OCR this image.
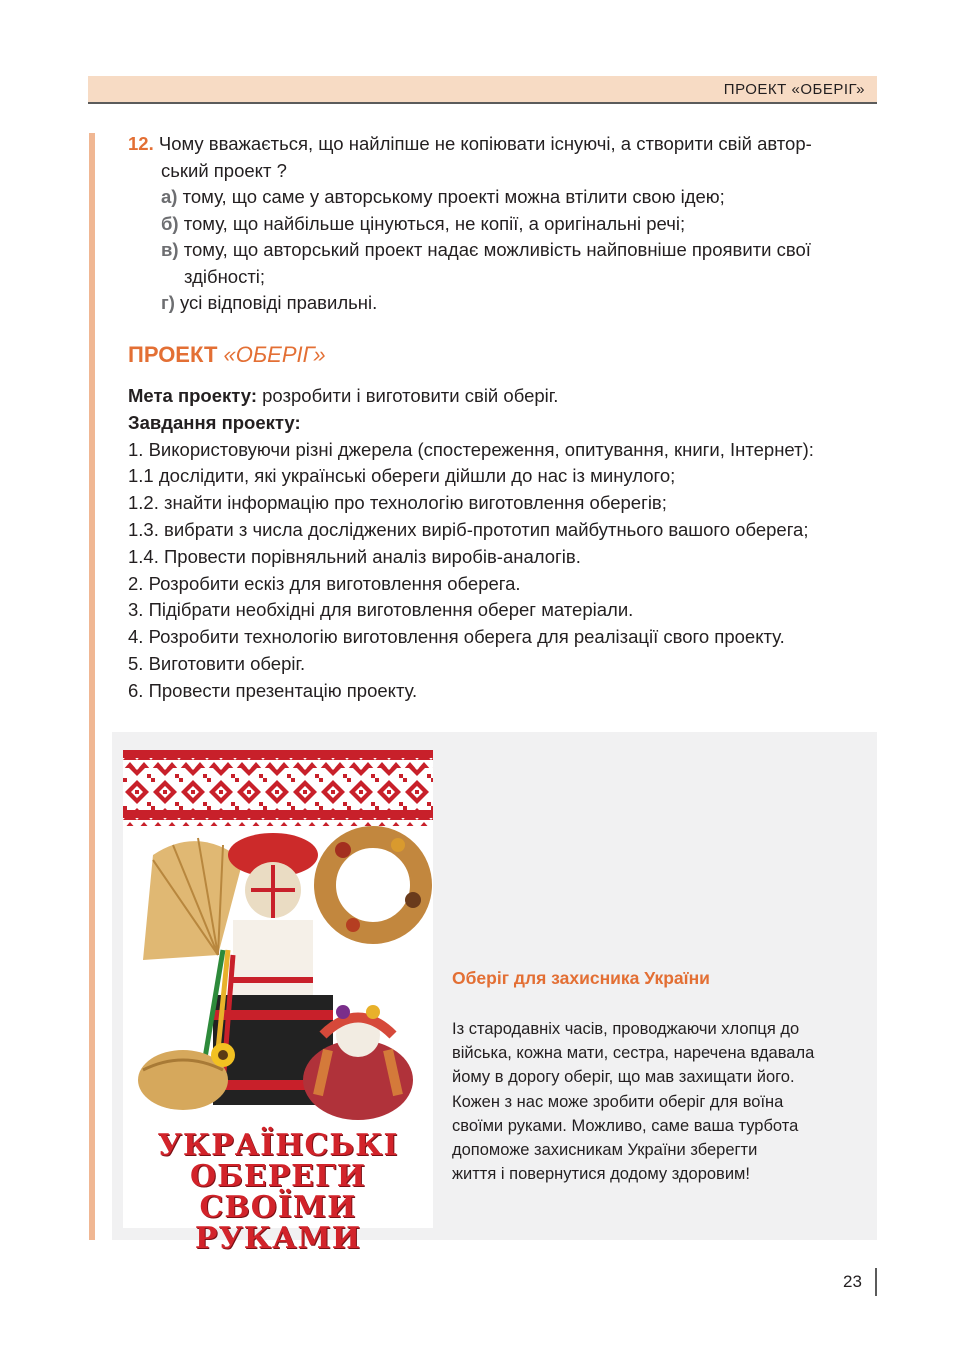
ПРОЕКТ «ОБЕРІГ»
12. Чому вважається, що найліпше не копіювати існуючі, а створити свій автор-
ський проект ?
а) тому, що саме у авторському проекті можна втілити свою ідею;
б) тому, що найбільше цінуються, не копії, а оригінальні речі;
в) тому, що авторський проект надає можливість найповніше проявити свої
здібності;
г) усі відповіді правильні.
ПРОЕКТ «ОБЕРІГ»
Мета проекту: розробити і виготовити свій оберіг.
Завдання проекту:
1. Використовуючи різні джерела (спостереження, опитування, книги, Інтернет):
1.1 дослідити, які українські обереги дійшли до нас із минулого;
1.2. знайти інформацію про технологію виготовлення оберегів;
1.3. вибрати з числа досліджених виріб-прототип майбутнього вашого оберега;
1.4. Провести порівняльний аналіз виробів-аналогів.
2. Розробити ескіз для виготовлення оберега.
3. Підібрати необхідні для виготовлення оберег матеріали.
4. Розробити технологію виготовлення оберега для реалізації свого проекту.
5. Виготовити оберіг.
6. Провести презентацію проекту.
УКРАЇНСЬКІ
ОБЕРЕГИ
СВОЇМИ РУКАМИ
Оберіг для захисника України
Із стародавніх часів, проводжаючи хлопця до
війська, кожна мати, сестра, наречена вдавала
йому в дорогу оберіг, що мав захищати його.
Кожен з нас може зробити оберіг для воїна
своїми руками. Можливо, саме ваша турбота
допоможе захисникам України зберегти
життя і повернутися додому здоровим!
23
